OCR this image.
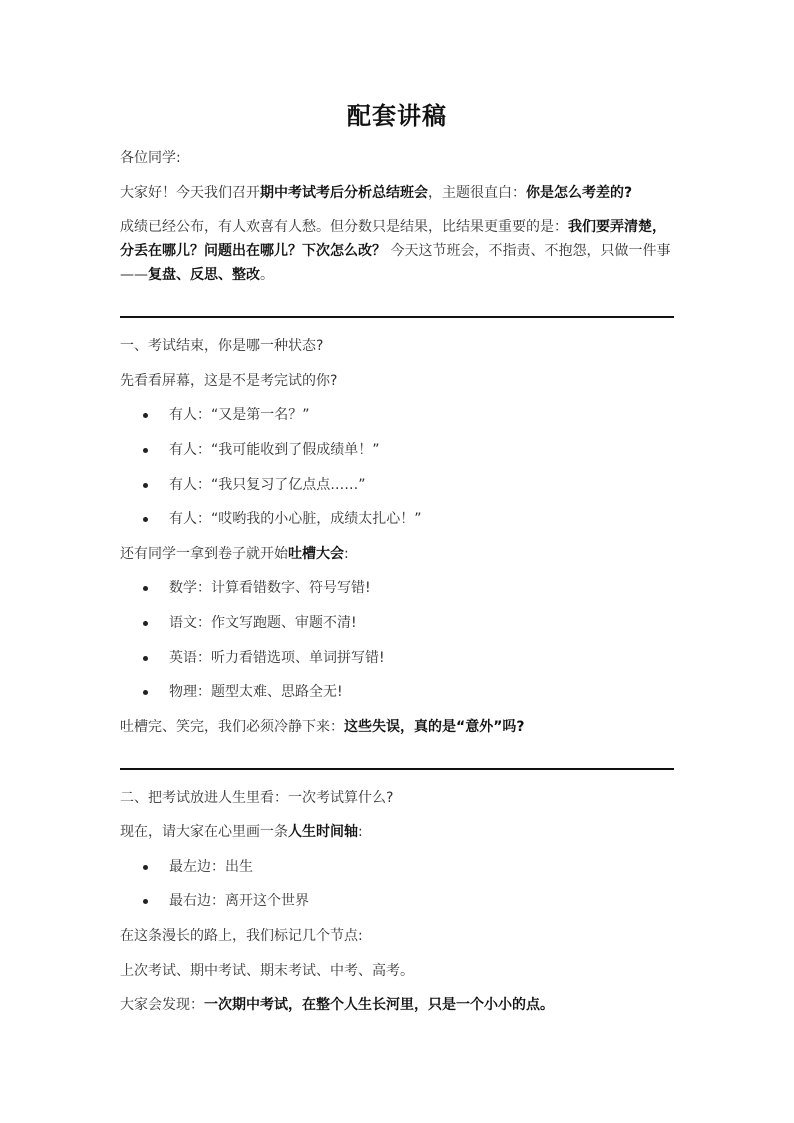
配套讲稿
各位同学:
大家好！今天我们召开期中考试考后分析总结班会，主题很直白：你是怎么考差的?
成绩已经公布，有人欢喜有人愁。但分数只是结果，比结果更重要的是：我们要弄清楚，分丢在哪儿？问题出在哪儿？下次怎么改？ 今天这节班会，不指责、不抱怨，只做一件事 ——复盘、反思、整改。
一、考试结束，你是哪一种状态?
先看看屏幕，这是不是考完试的你?
有人：“又是第一名？”
有人：“我可能收到了假成绩单！”
有人：“我只复习了亿点点……”
有人：“哎哟我的小心脏，成绩太扎心！”
还有同学一拿到卷子就开始吐槽大会:
数学：计算看错数字、符号写错!
语文：作文写跑题、审题不清!
英语：听力看错选项、单词拼写错!
物理：题型太难、思路全无!
吐槽完、笑完，我们必须冷静下来：这些失误，真的是“意外”吗?
二、把考试放进人生里看：一次考试算什么?
现在，请大家在心里画一条人生时间轴:
最左边：出生
最右边：离开这个世界
在这条漫长的路上，我们标记几个节点:
上次考试、期中考试、期末考试、中考、高考。
大家会发现：一次期中考试，在整个人生长河里，只是一个小小的点。
